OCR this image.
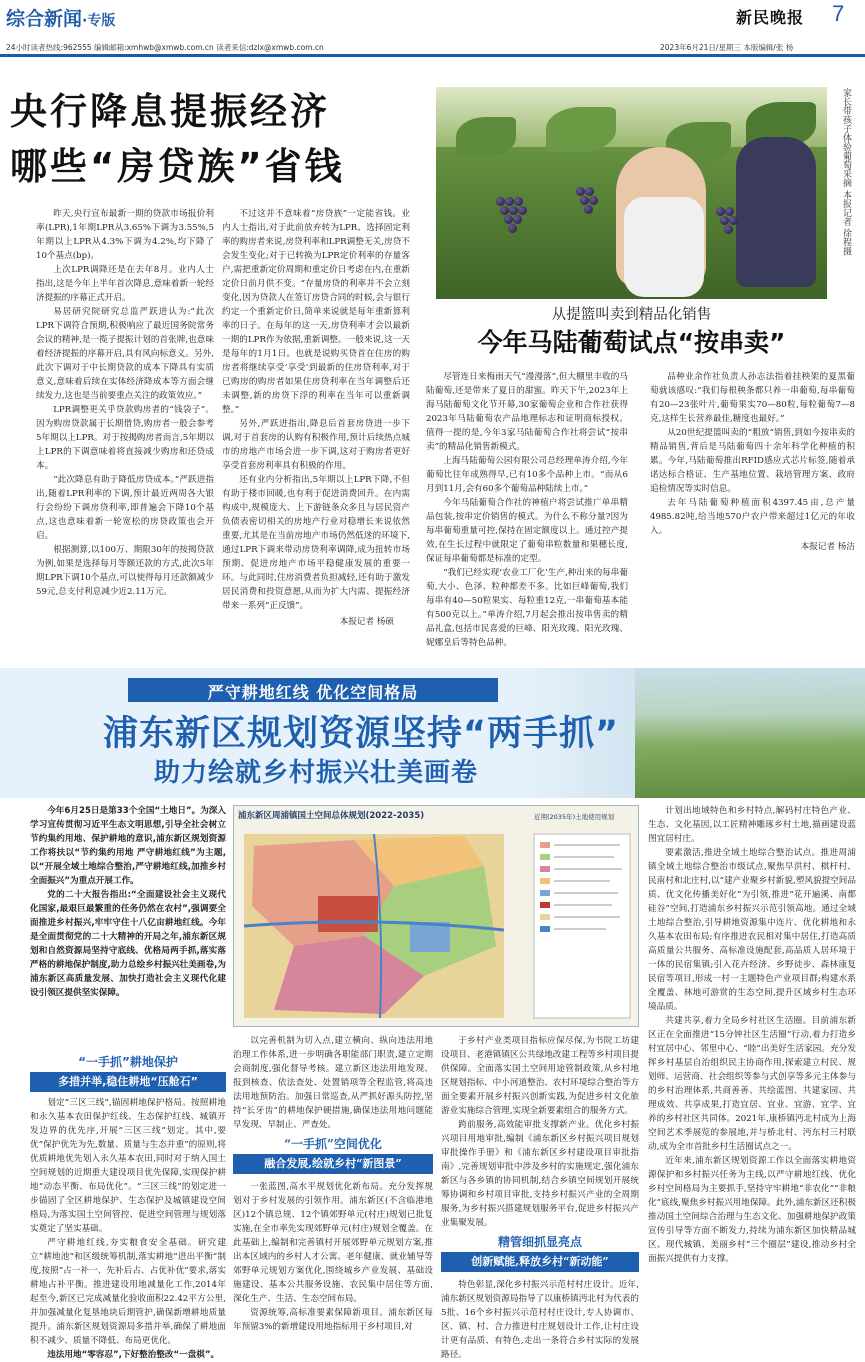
综合新闻·专版	新民晚报 7
24小时读者热线:962555 编辑邮箱:xmhwb@xmwb.com.cn 读者来信:dzlx@xmwb.com.cn	2023年6月21日/星期三 本版编辑/张 杨
央行降息提振经济
哪些“房贷族”省钱

昨天,央行宣布最新一期的贷款市场报价利率(LPR),1年期LPR从3.65%下调为3.55%,5年期以上LPR从4.3%下调为4.2%,均下降了10个基点(bp)。

上次LPR调降还是在去年8月。业内人士指出,这是今年上半年首次降息,意味着新一轮经济提振的序幕正式开启。

易居研究院研究总监严跃进认为:“此次LPR下调符合预期,积极响应了最近国务院常务会议的精神,是一揽子提振计划的首张牌,也意味着经济提振的序幕开启,具有风向标意义。另外,此次下调对于中长期贷款的成本下降具有实质意义,意味着后续在实体经济降成本等方面会继续发力,这也是当前要重点关注的政策效应。”

LPR调整更关乎贷款购房者的“钱袋子”。因为购房贷款属于长期借贷,购房者一般会参考5年期以上LPR。对于按揭购房者而言,5年期以上LPR的下调意味着将直接减少购房和还贷成本。

“此次降息有助于降低房贷成本。”严跃进指出,随着LPR利率的下调,预计最近两周各大银行会纷纷下调房贷利率,即普遍会下降10个基点,这也意味着新一轮宽松的房贷政策也会开启。

根据测算,以100万、期限30年的按揭贷款为例,如果是选择每月等额还款的方式,此次5年期LPR下调10个基点,可以使得每月还款额减少59元,总支付利息减少近2.11万元。

不过这并不意味着“房贷族”一定能省钱。业内人士指出,对于此前放弃转为LPR、选择固定利率的购房者来说,房贷利率和LPR调整无关,房贷不会发生变化;对于已转换为LPR定价利率的存量客户,需把重新定价周期和重定价日考虑在内,在重新定价日前月供不变。“存量房贷的利率并不会立刻变化,因为贷款人在签订房贷合同的时候,会与银行约定一个重新定价日,简单来说就是每年重新算利率的日子。在每年的这一天,房贷利率才会以最新一期的LPR作为依据,重新调整。一般来说,这一天是每年的1月1日。也就是说购买贷首在住房的购房者将继续享受‘享受’到最新的住房贷利率,对于已购房的购房者如果住房贷利率在当年调整后还未调整,新的房贷下浮的利率在当年可以重新调整。”

另外,严跃进指出,降息后首套房贷进一步下调,对于首套房的认购有积极作用,预计后续热点城市的房地产市场会进一步下调,这对于购房者更好享受首套房利率具有积极的作用。

还有业内分析指出,5年期以上LPR下降,不但有助于楼市回暖,也有利于促进消费回升。在内需构成中,规模庞大、上下游链条众多且与居民资产负债表密切相关的房地产行业对稳增长来说依然重要,尤其是在当前房地产市场仍然低迷的环境下,通过LPR下调来带动房贷利率调降,成为扭转市场预期、促进房地产市场平稳健康发展的重要一环。与此同时,住房消费者负担减轻,还有助于激发居民消费和投资意愿,从而为扩大内需、提振经济带来一系列“正反馈”。

本报记者 杨硕
家长带孩子体验葡萄采摘 本报记者 徐程摄
从提篮叫卖到精品化销售
今年马陆葡萄试点“按串卖”

尽管连日来梅雨天气“漫漫落”,但大棚里丰收的马陆葡萄,还是带来了夏日的甜蜜。昨天下午,2023年上海马陆葡萄文化节开幕,30家葡萄企业和合作社获得2023年马陆葡萄农产品地理标志和证明商标授权。值得一提的是,今年3家马陆葡萄合作社将尝试“按串卖”的精品化销售新模式。

上海马陆葡萄公园有限公司总经理单涛介绍,今年葡萄比往年成熟得早,已有10多个品种上市。“而从6月到11月,会有60多个葡萄品种陆续上市。”

今年马陆葡萄合作社的神植户将尝试推广单串精品包装,按串定价销售的模式。为什么不称分量?因为每串葡萄重量可控,保持在固定额度以上。通过控产提效,在生长过程中就限定了葡萄串粒数量和果穗长度,保证每串葡萄都是标准的定型。

“我们已经实现‘农业工厂化’生产,种出来的每串葡萄,大小、色泽、粒种都差不多。比如巨峰葡萄,我们每串有40—50粒果实、每粒重12克,一串葡萄基本能有500克以上。”单涛介绍,7月起会推出按串售卖的精品礼盒,包括市民喜爱的巨峰、阳光玫瑰、阳光玫瑰、妮娜皇后等特色品种。

品种业余作社负责人孙志法指着挂秧架的夏黑葡萄就该感叹:“我们每根秧条都只养一串葡萄,每串葡萄有20—23张叶片,葡萄果实70—80粒,每粒葡萄7—8克,这样生长营养最佳,糖度也最好。”

从20世纪提篮叫卖的“粗放”销售,到如今按串卖的精品销售,背后是马陆葡萄四十余年科学化种植的积累。今年,马陆葡萄推出RFID感应式芯片标签,随着承诺达标合格证、生产基地位置、栽培管理方案、政府追检情况等实时信息。

去年马陆葡萄种植面积4397.45亩,总产量4985.82吨,给当地570户农户带来超过1亿元的年收入。

本报记者 杨洁
严守耕地红线 优化空间格局
浦东新区规划资源坚持“两手抓”
助力绘就乡村振兴壮美画卷

今年6月25日是第33个全国“土地日”。为深入学习宣传贯彻习近平生态文明思想,引导全社会树立节约集约用地、保护耕地的意识,浦东新区规划资源工作将扶以“节约集约用地 严守耕地红线”为主题,以“开展全域土地综合整治,严守耕地红线,加推乡村全面振兴”为重点开展工作。

党的二十大报告指出:“全面建设社会主义现代化国家,最艰巨最繁重的任务仍然在农村”,强调要全面推进乡村振兴,牢牢守住十八亿亩耕地红线。今年是全面贯彻党的二十大精神的开局之年,浦东新区规划和自然资源局坚持守底线、优格局两手抓,落实落严格的耕地保护制度,助力总绘乡村振兴壮美画卷,为浦东新区高质量发展、加快打造社会主义现代化建设引领区提供坚实保障。

浦东新区周浦镇国土空间总体规划(2022-2035)	近期(2035年)土地使用规划
“一手抓”耕地保护
多措并举,稳住耕地“压舱石”

划定“三区三线”,锚固耕地保护格局。按照耕地和永久基本农田保护红线、生态保护红线、城镇开发边界的优先序,开展“三区三线”划定。其中,要优“保护优先为先,数量、质量与生态并重”的原则,将优质耕地优先划入永久基本农田,同时对于纳入国土空间规划的近期重大建设项目优先保障,实现保护耕地“动态平衡、布局优化”。“三区三线”的划定进一步锚固了全区耕地保护、生态保护及城镇建设空间格局,为落实国土空间管控、促进空间管理与规划落实奠定了坚实基础。

严守耕地红线,夯实粮食安全基础。研究建立“耕地池”和区级统筹机制,落实耕地“进出平衡”制度,按照“占一补一、先补后占、占优补优”要求,落实耕地占补平衡。推进建设用地减量化工作,2014年起至今,新区已完成减量化验收面积22.42平方公里,并加强减量化复垦地块后期管护,确保新增耕地质量提升。浦东新区规划资源局多措并举,确保了耕地面积不减少、质量不降低、布局更优化。

违法用地“零容忍”,下好整治整改“一盘棋”。

以完善机制为切入点,建立横向、纵向违法用地治理工作体系,进一步明确各职能部门职责,建立定期会商制度,强化督导考核。建立新区违法用地发现、报到核查、依法查处、处置销项等全程监管,将高违法用地预防治。加强日常巡查,从严抓好源头防控,坚持“长牙齿”的耕地保护硬措施,确保违法用地问题能早发现、早制止、严查处。

“一手抓”空间优化
融合发展,绘就乡村“新图景”

一张蓝图,高水平规划优化新布局。充分发挥规划对于乡村发展的引领作用。浦东新区(不含临港地区)12个镇总规、12个镇郊野单元(村庄)规划已批复实施,在全市率先实现郊野单元(村庄)规划全覆盖。在此基础上,编制和完善镇村开展郊野单元规划方案,推出本区域内的乡村人才公寓、老年健康、就业辅导等郊野单元规划方案优化,围绕城乡产业发展、基础设施建设、基本公共服务设施、农民集中居住等方面,深化生产、生活、生态空间布局。

资源统筹,高标准要素保障新项目。浦东新区每年预留3%的新增建设用地指标用于乡村项目,对

于乡村产业类项目指标应保尽保,为书院工坊建设项目、老港镇镇区公共绿地改建工程等乡村项目提供保障。全面落实国土空间用途管制政策,从乡村地区规划指标、中小河道整治、农村环境综合整治等方面全要素开展乡村振兴创新实践,为促进乡村文化旅游业实施综合管理,实现全新要素组合的服务方式。

跨前服务,高效能审批支撑新产业。优化乡村振兴项目用地审批,编制《浦东新区乡村振兴项目规划审批操作手册》和《浦东新区乡村建设项目审批指南》,完善规划审批中涉及乡村的实施规定,强化浦东新区与各乡镇的协同机制,结合乡镇空间规划开展统筹协调和乡村项目审批,支持乡村振兴产业的全周期服务,为乡村振兴搭建规划服务平台,促进乡村振兴产业集聚发展。

精管细抓显亮点
创新赋能,释放乡村“新动能”

特色彰显,深化乡村振兴示范村村庄设计。近年,浦东新区规划资源局指导了以康桥镇沔北村为代表的5批、16个乡村振兴示范村村庄设计,专人协调市、区、镇、村、合力推进村庄规划设计工作,让村庄设计更有品质、有特色,走出一条符合乡村实际的发展路径。

计划出地域特色和乡村特点,解码村庄特色产业、生态、文化基因,以工匠精神雕琢乡村土地,描画建设蓝图宜居村庄。

要素激活,推进全域土地综合整治试点。推进周浦镇全域土地综合整治市级试点,聚焦早洪村、棋杆村、民南村和北庄村,以“建产业聚乡村新貌,塑风貌提空间品质、优文化传播美好化”为引领,推进“花开遍溪、南都硅谷”空间,打造浦东乡村振兴示范引领高地。通过全域土地综合整治,引导耕地资源集中连片、优化耕地和永久基本农田布局;有序推进农民相对集中居住,打造高质高质量公共服务、高标准设施配套,高品质人居环境于一体的民宿集镇;引入花卉经济、乡野徒步、森林康复民宿等项目,形成一村一主题特色产业项目群;构建水系全覆盖、林地可游赏的生态空间,提升区域乡村生态环境品质。

共建共享,着力全局乡村社区生活圈。目前浦东新区正在全面推进“15分钟社区生活圈”行动,着力打造乡村宜居中心、邻里中心、“睦”出美好生活家园。充分发挥乡村基层自治组织民主协商作用,探索建立村民、规划师、运营商、社会组织等参与式创享等多元主体参与的乡村治理体系,共商善善、共绘蓝图、共建家园、共理成效、共享成果,打造宜居、宜业、宜游、宜学、宜养的乡村社区共同体。2021年,康桥镇沔北村成为上海空间艺术季展览的参展地,并与桥北村、沔东村三村联动,成为全市首批乡村生活圈试点之一。

近年来,浦东新区规划资源工作以全面落实耕地资源保护和乡村振兴任务为主线,以严守耕地红线、优化乡村空间格局为主要抓手,坚持守牢耕地“非农化”“非粮化”底线,聚焦乡村振兴用地保障。此外,浦东新区还积极推动国土空间综合治理与生态文化、加强耕地保护政策宣传引导等方面不断发力,持续为浦东新区加快精品城区、现代城镇、美丽乡村“三个圈层”建设,推动乡村全面振兴提供有力支撑。
